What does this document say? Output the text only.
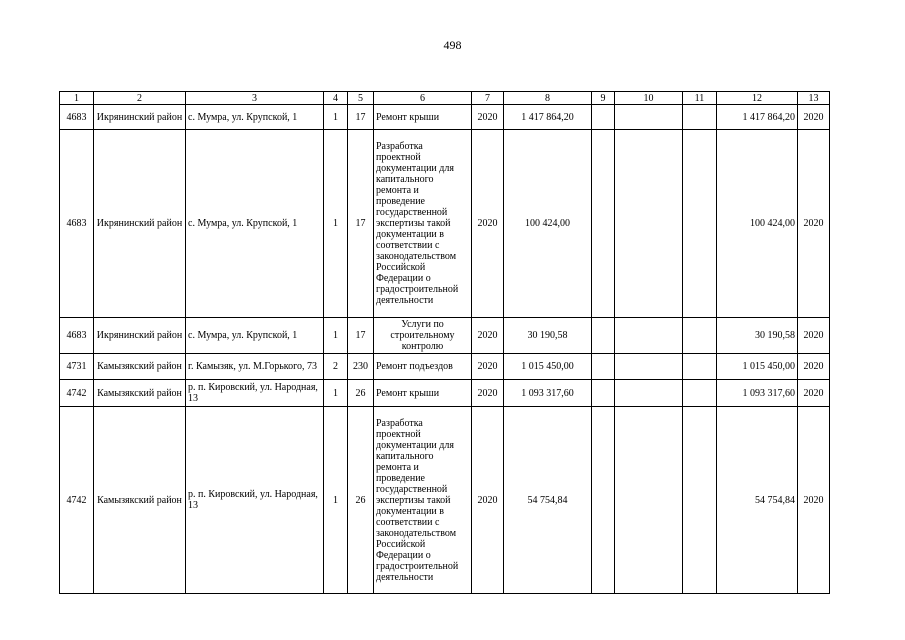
498
1	2	3	4	5	6	7	8	9	10	11	12	13
4683	Икрянинский район	с. Мумра, ул. Крупской, 1	1	17	Ремонт крыши	2020	1 417 864,20				1 417 864,20	2020
4683	Икрянинский район	с. Мумра, ул. Крупской, 1	1	17	Разработка проектной документации для капитального ремонта и проведение государственной экспертизы такой документации в соответствии с законодательством Российской Федерации о градостроительной деятельности	2020	100 424,00				100 424,00	2020
4683	Икрянинский район	с. Мумра, ул. Крупской, 1	1	17	Услуги по строительному контролю	2020	30 190,58				30 190,58	2020
4731	Камызякский район	г. Камызяк, ул. М.Горького, 73	2	230	Ремонт подъездов	2020	1 015 450,00				1 015 450,00	2020
4742	Камызякский район	р. п. Кировский, ул. Народная, 13	1	26	Ремонт крыши	2020	1 093 317,60				1 093 317,60	2020
4742	Камызякский район	р. п. Кировский, ул. Народная, 13	1	26	Разработка проектной документации для капитального ремонта и проведение государственной экспертизы такой документации в соответствии с законодательством Российской Федерации о градостроительной деятельности	2020	54 754,84				54 754,84	2020
